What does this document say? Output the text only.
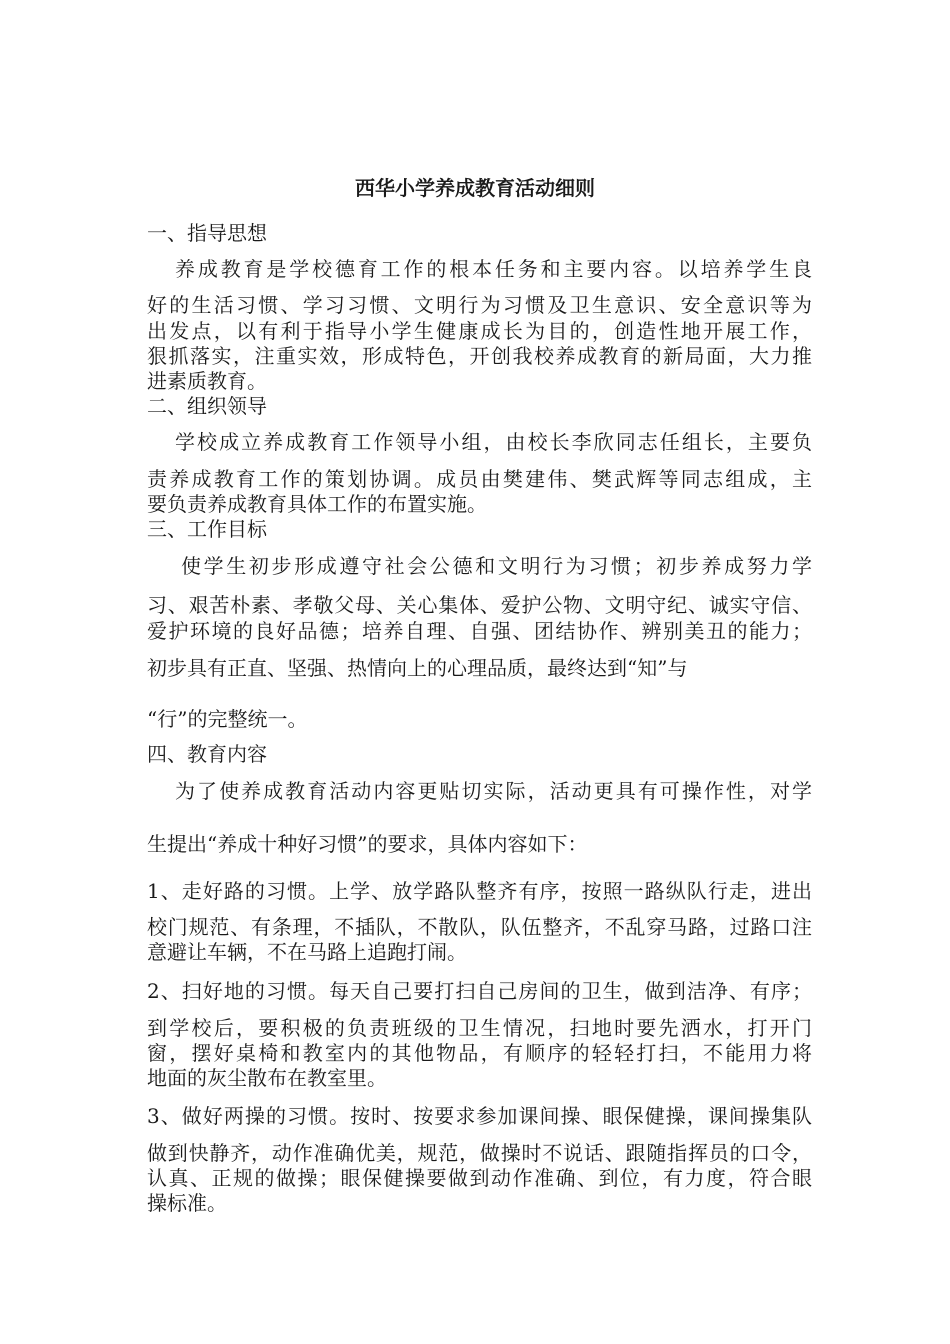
西华小学养成教育活动细则
一、指导思想
养成教育是学校德育工作的根本任务和主要内容。以培养学生良
好的生活习惯、学习习惯、文明行为习惯及卫生意识、安全意识等为
出发点，以有利于指导小学生健康成长为目的，创造性地开展工作，
狠抓落实，注重实效，形成特色，开创我校养成教育的新局面，大力推
进素质教育。
二、组织领导
学校成立养成教育工作领导小组，由校长李欣同志任组长，主要负
责养成教育工作的策划协调。成员由樊建伟、樊武辉等同志组成，主
要负责养成教育具体工作的布置实施。
三、工作目标
使学生初步形成遵守社会公德和文明行为习惯；初步养成努力学
习、艰苦朴素、孝敬父母、关心集体、爱护公物、文明守纪、诚实守信、
爱护环境的良好品德；培养自理、自强、团结协作、辨别美丑的能力；
初步具有正直、坚强、热情向上的心理品质，最终达到“知”与
“行”的完整统一。
四、教育内容
为了使养成教育活动内容更贴切实际，活动更具有可操作性，对学
生提出“养成十种好习惯”的要求，具体内容如下：
1、走好路的习惯。上学、放学路队整齐有序，按照一路纵队行走，进出
校门规范、有条理，不插队，不散队，队伍整齐，不乱穿马路，过路口注
意避让车辆，不在马路上追跑打闹。
2、扫好地的习惯。每天自己要打扫自己房间的卫生，做到洁净、有序；
到学校后，要积极的负责班级的卫生情况，扫地时要先洒水，打开门
窗，摆好桌椅和教室内的其他物品，有顺序的轻轻打扫，不能用力将
地面的灰尘散布在教室里。
3、做好两操的习惯。按时、按要求参加课间操、眼保健操，课间操集队
做到快静齐，动作准确优美，规范，做操时不说话、跟随指挥员的口令，
认真、正规的做操；眼保健操要做到动作准确、到位，有力度，符合眼
操标准。
